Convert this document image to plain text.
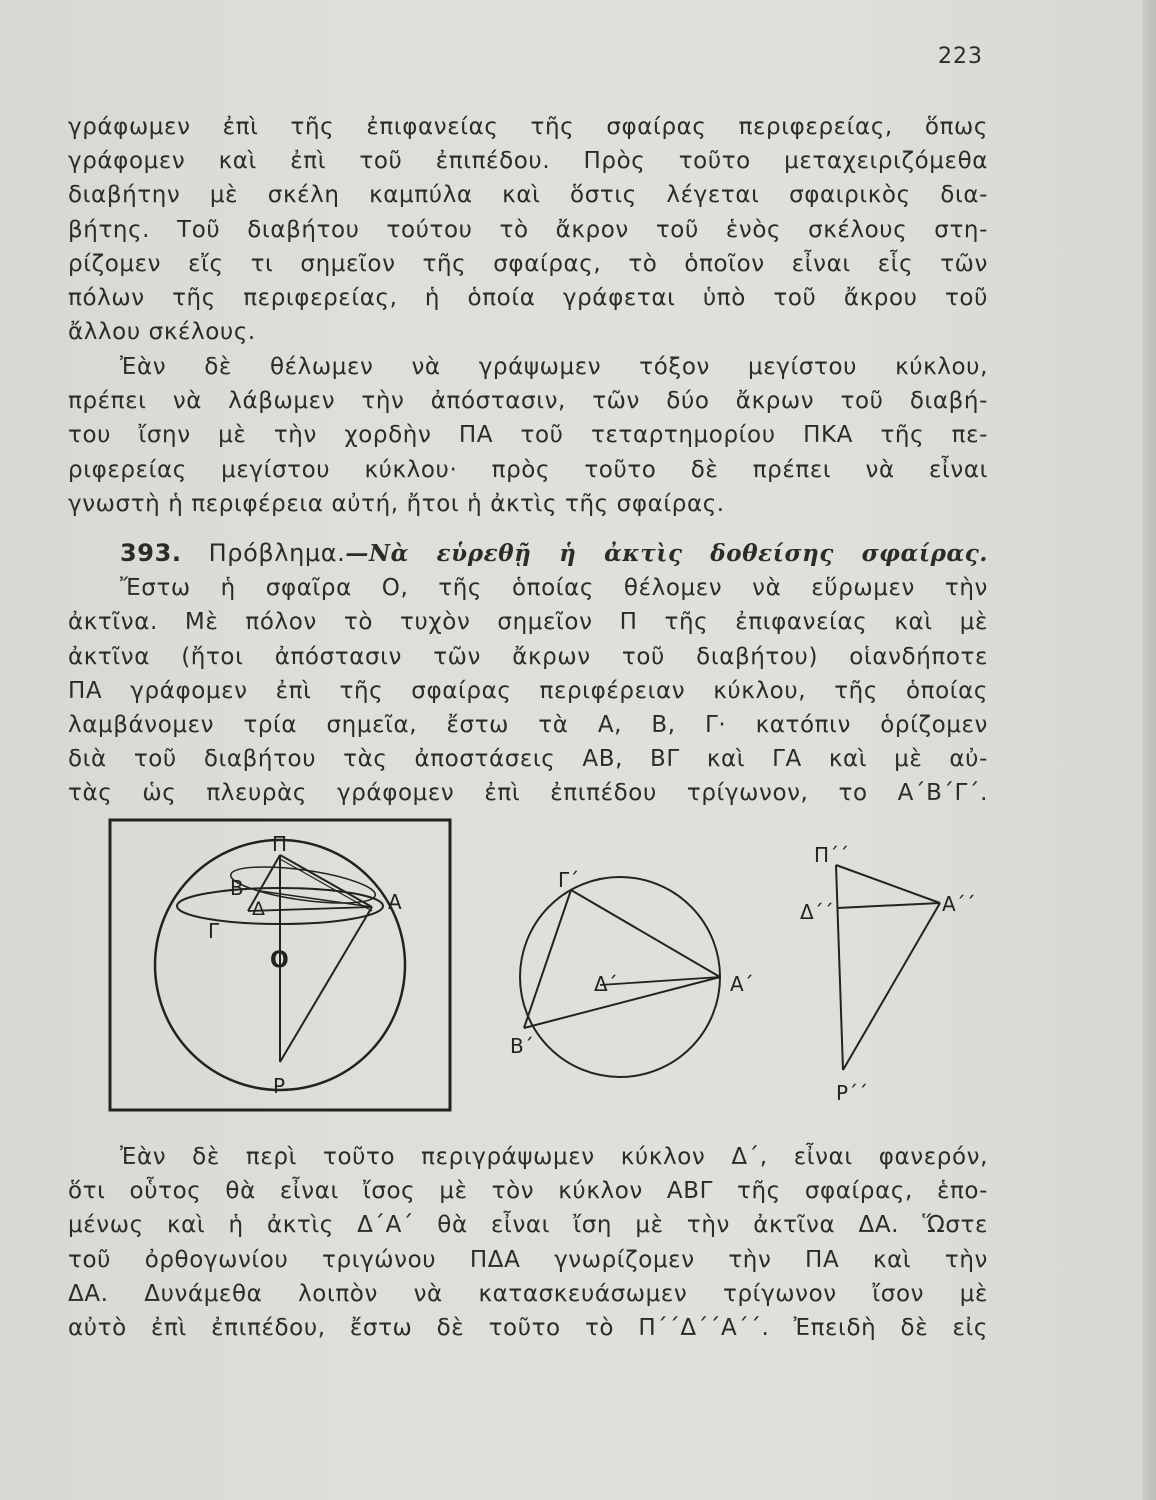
223
γράφωμεν ἐπὶ τῆς ἐπιφανείας τῆς σφαίρας περιφερείας, ὅπως
γράφομεν καὶ ἐπὶ τοῦ ἐπιπέδου. Πρὸς τοῦτο μεταχειριζόμεθα
διαβήτην μὲ σκέλη καμπύλα καὶ ὅστις λέγεται σφαιρικὸς δια-
βήτης. Τοῦ διαβήτου τούτου τὸ ἄκρον τοῦ ἑνὸς σκέλους στη-
ρίζομεν εἴς τι σημεῖον τῆς σφαίρας, τὸ ὁποῖον εἶναι εἷς τῶν
πόλων τῆς περιφερείας, ἡ ὁποία γράφεται ὑπὸ τοῦ ἄκρου τοῦ
ἄλλου σκέλους.
Ἐὰν δὲ θέλωμεν νὰ γράψωμεν τόξον μεγίστου κύκλου,
πρέπει νὰ λάβωμεν τὴν ἀπόστασιν, τῶν δύο ἄκρων τοῦ διαβή-
του ἴσην μὲ τὴν χορδὴν ΠΑ τοῦ τεταρτημορίου ΠΚΑ τῆς πε-
ριφερείας μεγίστου κύκλου· πρὸς τοῦτο δὲ πρέπει νὰ εἶναι
γνωστὴ ἡ περιφέρεια αὐτή, ἤτοι ἡ ἀκτὶς τῆς σφαίρας.
393. Πρόβλημα.—Νὰ εὑρεθῇ ἡ ἀκτὶς δοθείσης σφαίρας.
Ἔστω ἡ σφαῖρα Ο, τῆς ὁποίας θέλομεν νὰ εὕρωμεν τὴν
ἀκτῖνα. Μὲ πόλον τὸ τυχὸν σημεῖον Π τῆς ἐπιφανείας καὶ μὲ
ἀκτῖνα (ἤτοι ἀπόστασιν τῶν ἄκρων τοῦ διαβήτου) οἱανδήποτε
ΠΑ γράφομεν ἐπὶ τῆς σφαίρας περιφέρειαν κύκλου, τῆς ὁποίας
λαμβάνομεν τρία σημεῖα, ἔστω τὰ Α, Β, Γ· κατόπιν ὁρίζομεν
διὰ τοῦ διαβήτου τὰς ἀποστάσεις ΑΒ, ΒΓ καὶ ΓΑ καὶ μὲ αὐ-
τὰς ὡς πλευρὰς γράφομεν ἐπὶ ἐπιπέδου τρίγωνον, το Α΄Β΄Γ΄.
Π
Β
Δ	Α
Γ
Ο
Ρ
Γ΄
Δ΄	Α΄
Β΄
Π΄΄
Δ΄΄	Α΄΄
Ρ΄΄
Ἐὰν δὲ περὶ τοῦτο περιγράψωμεν κύκλον Δ΄, εἶναι φανερόν,
ὅτι οὗτος θὰ εἶναι ἴσος μὲ τὸν κύκλον ΑΒΓ τῆς σφαίρας, ἑπο-
μένως καὶ ἡ ἀκτὶς Δ΄Α΄ θὰ εἶναι ἴση μὲ τὴν ἀκτῖνα ΔΑ. Ὥστε
τοῦ ὀρθογωνίου τριγώνου ΠΔΑ γνωρίζομεν τὴν ΠΑ καὶ τὴν
ΔΑ. Δυνάμεθα λοιπὸν νὰ κατασκευάσωμεν τρίγωνον ἴσον μὲ
αὐτὸ ἐπὶ ἐπιπέδου, ἔστω δὲ τοῦτο τὸ Π΄΄Δ΄΄Α΄΄. Ἐπειδὴ δὲ εἰς
